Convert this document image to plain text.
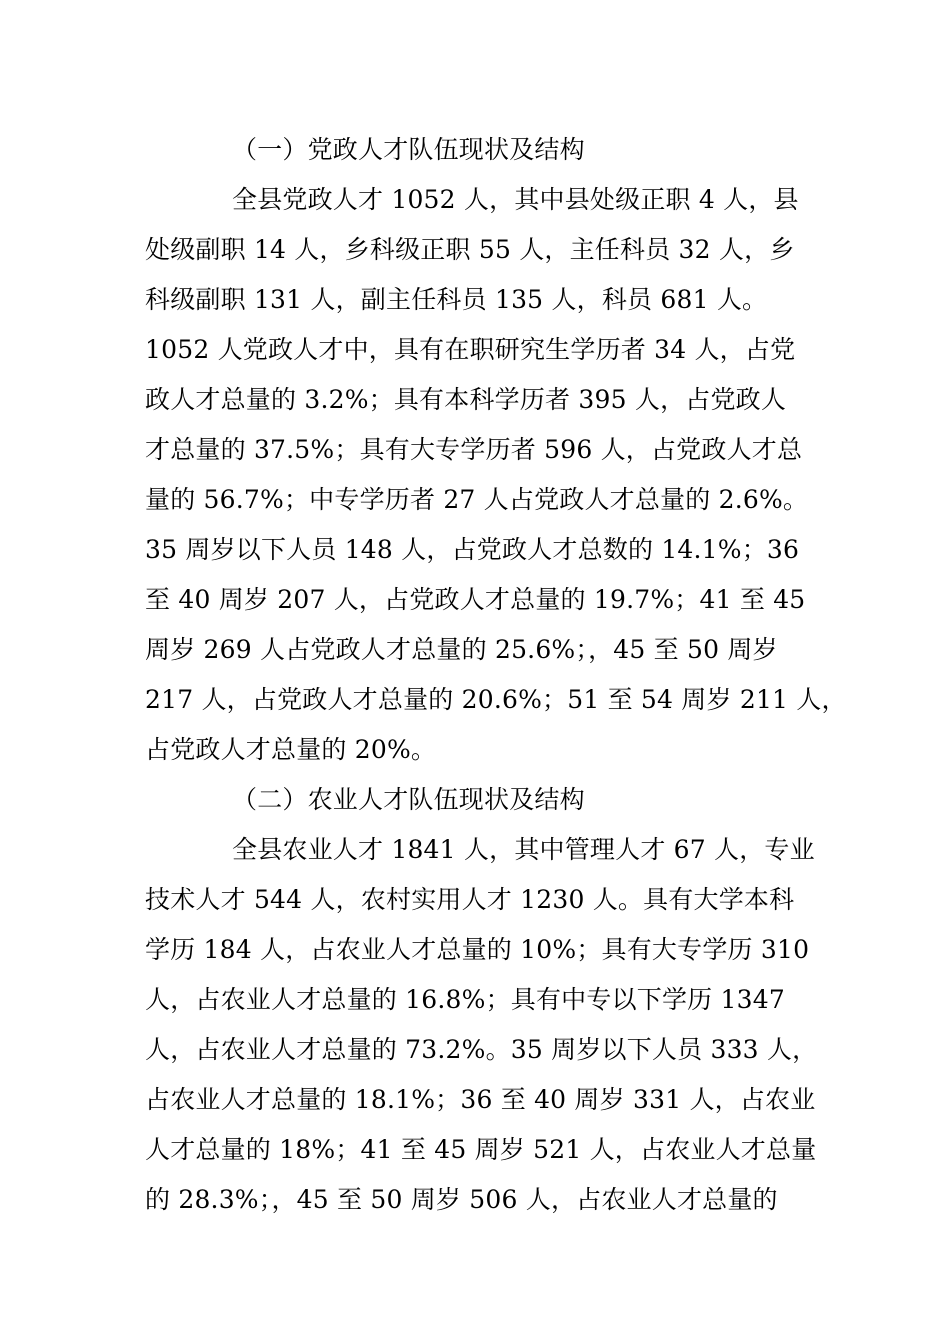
（一）党政人才队伍现状及结构
全县党政人才 1052 人，其中县处级正职 4 人，县
处级副职 14 人，乡科级正职 55 人，主任科员 32 人，乡
科级副职 131 人，副主任科员 135 人，科员 681 人。
1052 人党政人才中，具有在职研究生学历者 34 人，占党
政人才总量的 3.2%；具有本科学历者 395 人，占党政人
才总量的 37.5%；具有大专学历者 596 人，占党政人才总
量的 56.7%；中专学历者 27 人占党政人才总量的 2.6%。
35 周岁以下人员 148 人，占党政人才总数的 14.1%；36
至 40 周岁 207 人，占党政人才总量的 19.7%；41 至 45
周岁 269 人占党政人才总量的 25.6%；，45 至 50 周岁
217 人，占党政人才总量的 20.6%；51 至 54 周岁 211 人，
占党政人才总量的 20%。
（二）农业人才队伍现状及结构
全县农业人才 1841 人，其中管理人才 67 人，专业
技术人才 544 人，农村实用人才 1230 人。具有大学本科
学历 184 人，占农业人才总量的 10%；具有大专学历 310
人，占农业人才总量的 16.8%；具有中专以下学历 1347
人，占农业人才总量的 73.2%。35 周岁以下人员 333 人，
占农业人才总量的 18.1%；36 至 40 周岁 331 人，占农业
人才总量的 18%；41 至 45 周岁 521 人，占农业人才总量
的 28.3%；，45 至 50 周岁 506 人，占农业人才总量的
